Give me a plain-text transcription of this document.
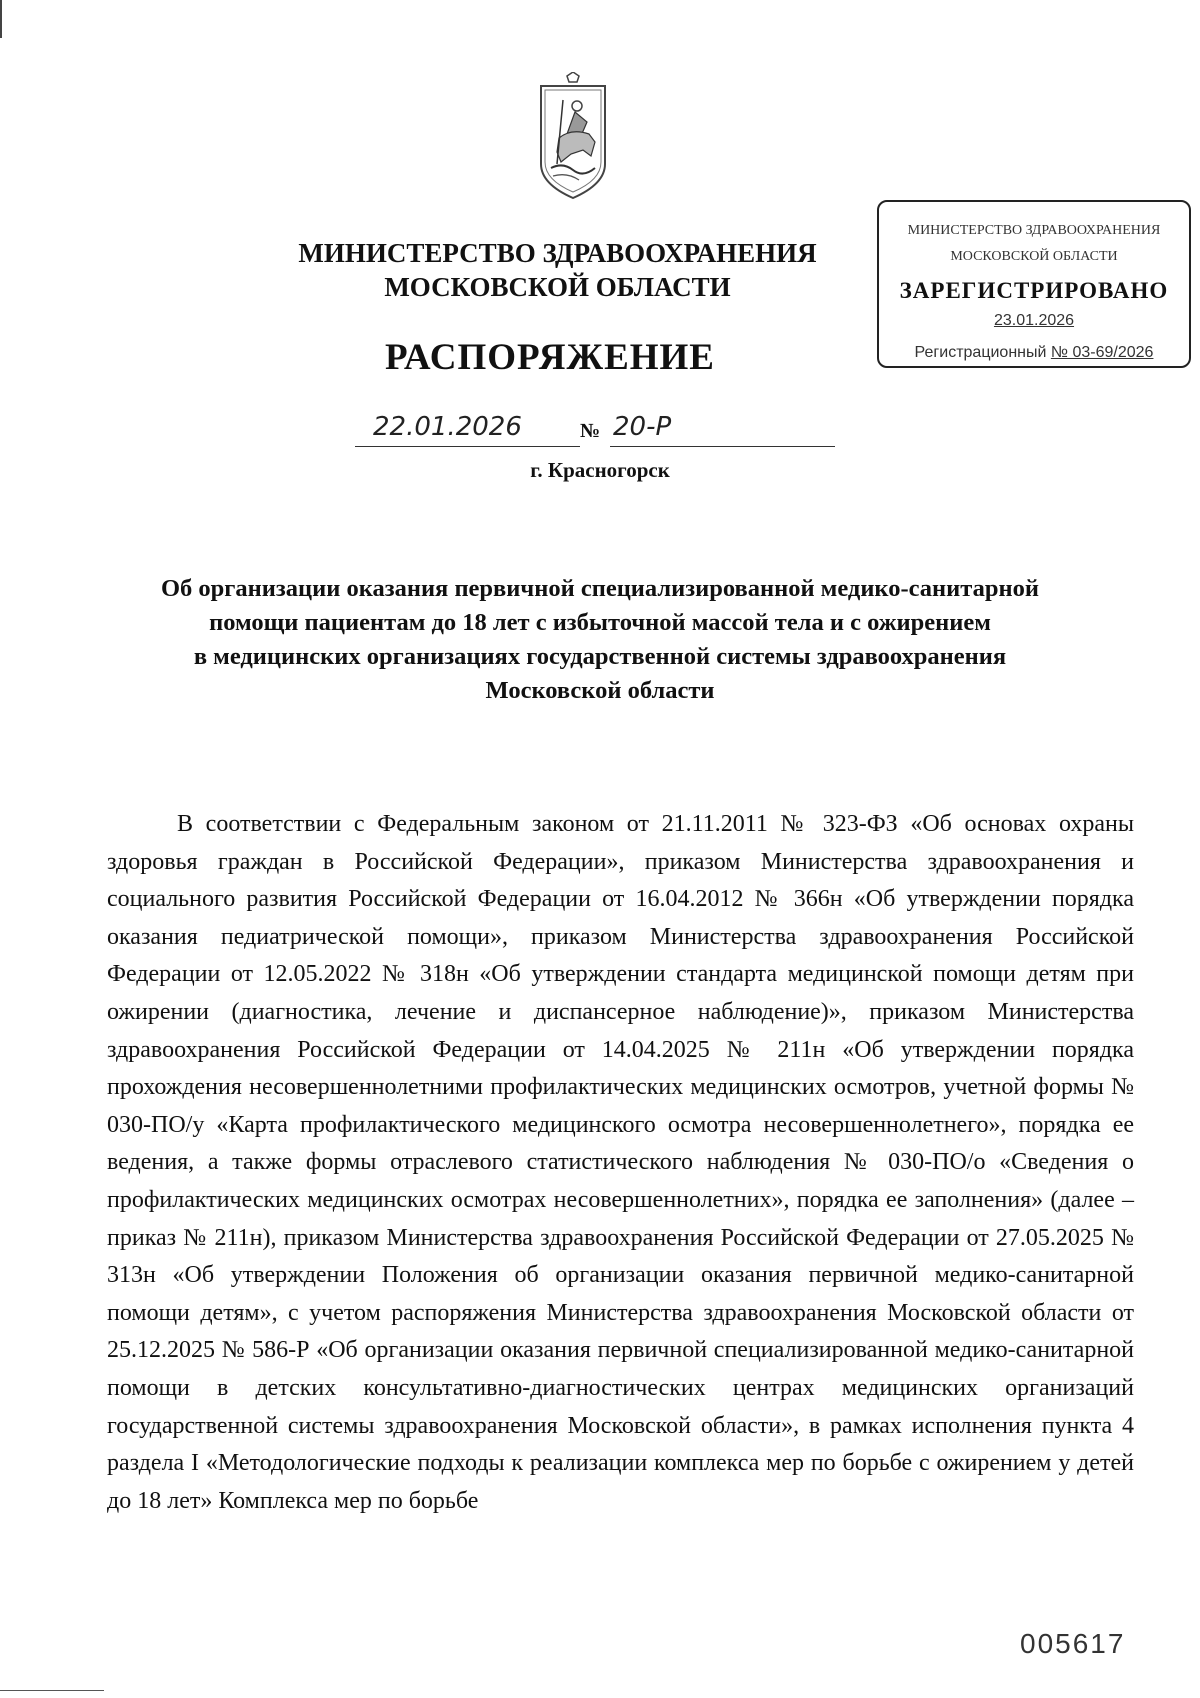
МИНИСТЕРСТВО ЗДРАВООХРАНЕНИЯ
МОСКОВСКОЙ ОБЛАСТИ
МИНИСТЕРСТВО ЗДРАВООХРАНЕНИЯ
МОСКОВСКОЙ ОБЛАСТИ
ЗАРЕГИСТРИРОВАНО
23.01.2026
Регистрационный № 03-69/2026
РАСПОРЯЖЕНИЕ
22.01.2026	№ 20-Р
г. Красногорск
Об организации оказания первичной специализированной медико-санитарной
помощи пациентам до 18 лет с избыточной массой тела и с ожирением
в медицинских организациях государственной системы здравоохранения
Московской области

В соответствии с Федеральным законом от 21.11.2011 № 323-ФЗ «Об основах охраны здоровья граждан в Российской Федерации», приказом Министерства здравоохранения и социального развития Российской Федерации от 16.04.2012 № 366н «Об утверждении порядка оказания педиатрической помощи», приказом Министерства здравоохранения Российской Федерации от 12.05.2022 № 318н «Об утверждении стандарта медицинской помощи детям при ожирении (диагностика, лечение и диспансерное наблюдение)», приказом Министерства здравоохранения Российской Федерации от 14.04.2025 № 211н «Об утверждении порядка прохождения несовершеннолетними профилактических медицинских осмотров, учетной формы № 030-ПО/у «Карта профилактического медицинского осмотра несовершеннолетнего», порядка ее ведения, а также формы отраслевого статистического наблюдения № 030-ПО/о «Сведения о профилактических медицинских осмотрах несовершеннолетних», порядка ее заполнения» (далее – приказ № 211н), приказом Министерства здравоохранения Российской Федерации от 27.05.2025 № 313н «Об утверждении Положения об организации оказания первичной медико-санитарной помощи детям», с учетом распоряжения Министерства здравоохранения Московской области от 25.12.2025 № 586-Р «Об организации оказания первичной специализированной медико-санитарной помощи в детских консультативно-диагностических центрах медицинских организаций государственной системы здравоохранения Московской области», в рамках исполнения пункта 4 раздела I «Методологические подходы к реализации комплекса мер по борьбе с ожирением у детей до 18 лет» Комплекса мер по борьбе

005617
